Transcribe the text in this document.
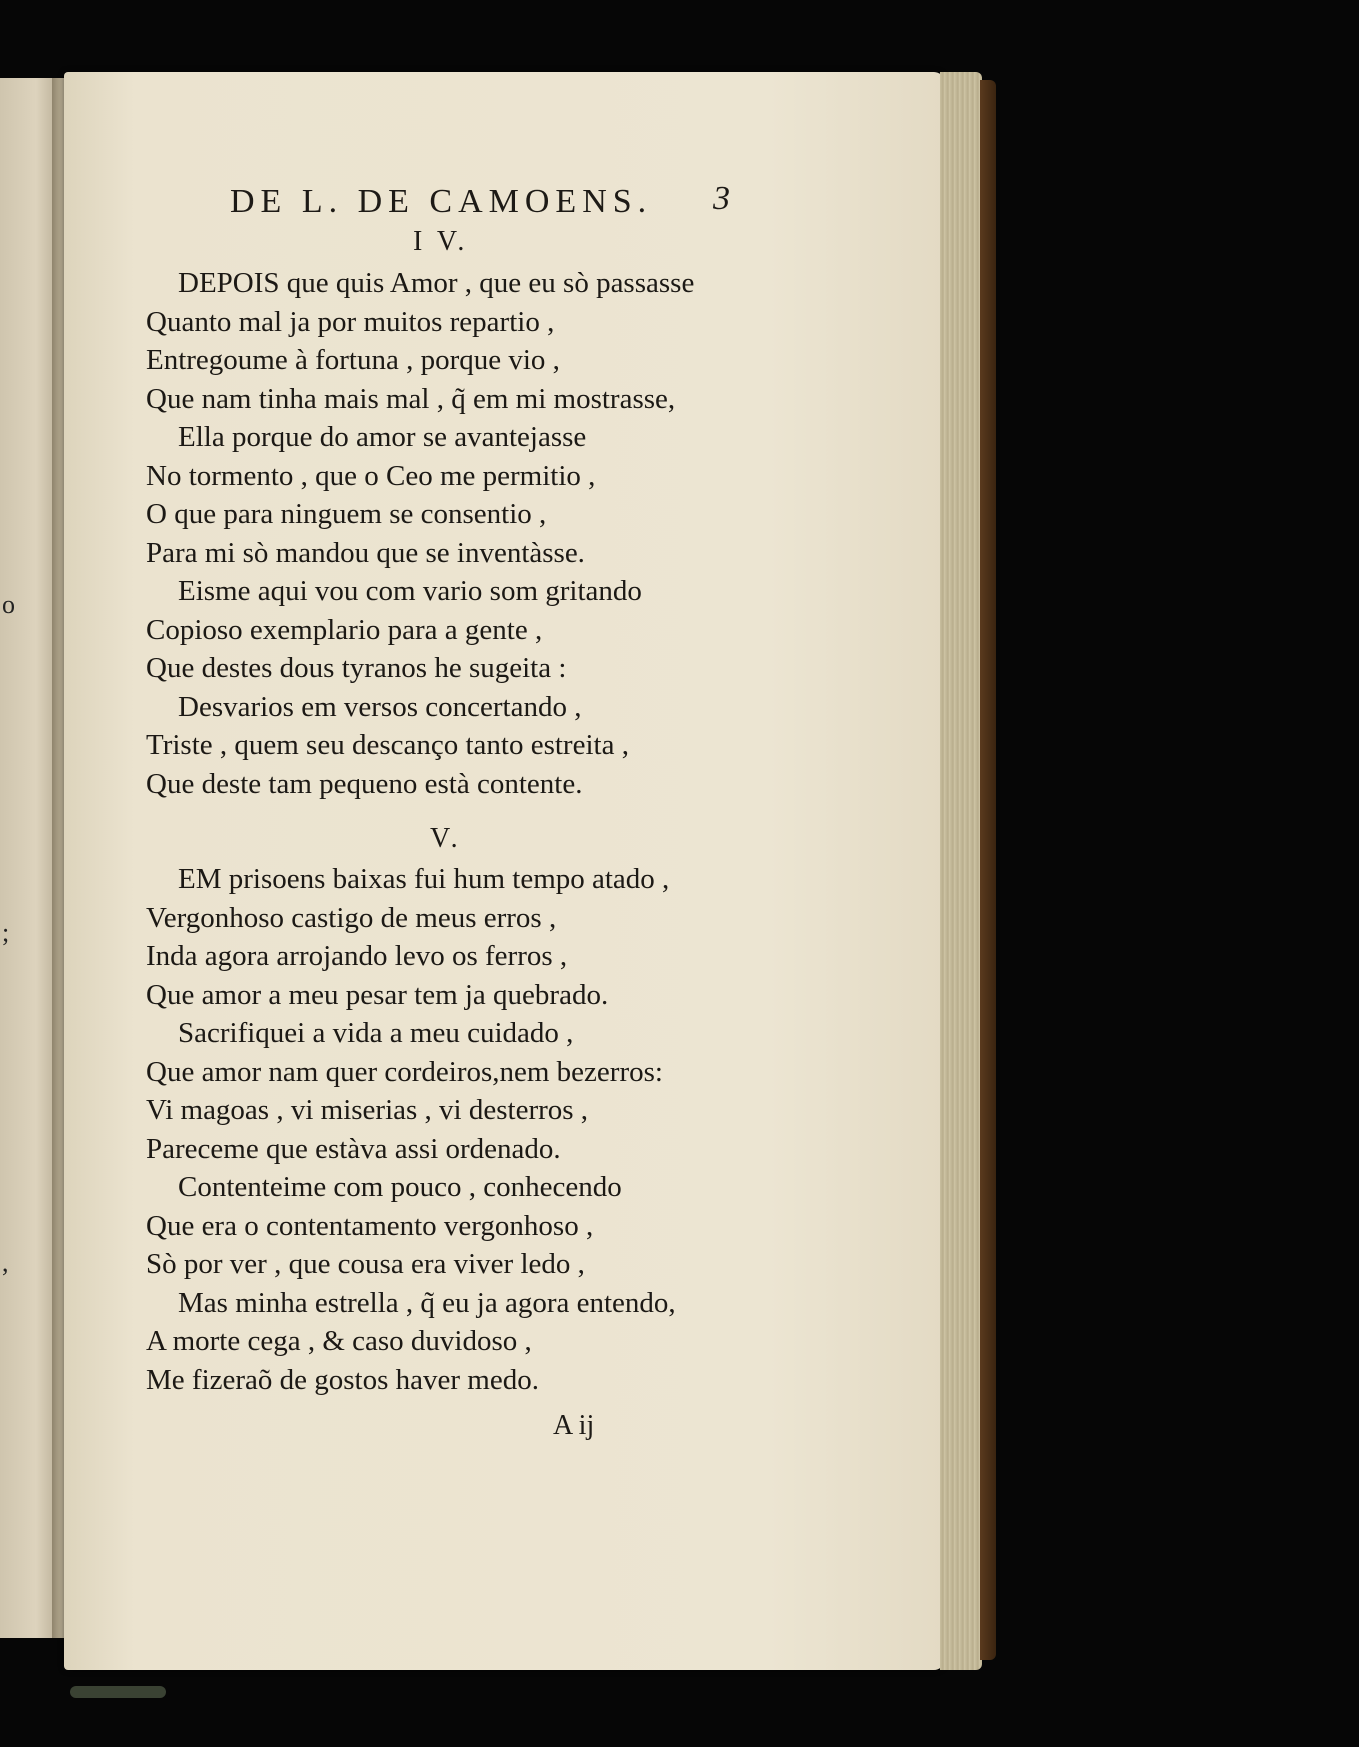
o
;
,
DE L. DE CAMOENS. 3
I V.
V.
DEPOIS que quis Amor , que eu sò passasse
Quanto mal ja por muitos repartio ,
Entregoume à fortuna , porque vio ,
Que nam tinha mais mal , q̃ em mi mostrasse,
Ella porque do amor se avantejasse
No tormento , que o Ceo me permitio ,
O que para ninguem se consentio ,
Para mi sò mandou que se inventàsse.
Eisme aqui vou com vario som gritando
Copioso exemplario para a gente ,
Que destes dous tyranos he sugeita :
Desvarios em versos concertando ,
Triste , quem seu descanço tanto estreita ,
Que deste tam pequeno està contente.
EM prisoens baixas fui hum tempo atado ,
Vergonhoso castigo de meus erros ,
Inda agora arrojando levo os ferros ,
Que amor a meu pesar tem ja quebrado.
Sacrifiquei a vida a meu cuidado ,
Que amor nam quer cordeiros,nem bezerros:
Vi magoas , vi miserias , vi desterros ,
Pareceme que estàva assi ordenado.
Contenteime com pouco , conhecendo
Que era o contentamento vergonhoso ,
Sò por ver , que cousa era viver ledo ,
Mas minha estrella , q̃ eu ja agora entendo,
A morte cega , & caso duvidoso ,
Me fizeraõ de gostos haver medo.
A ij
